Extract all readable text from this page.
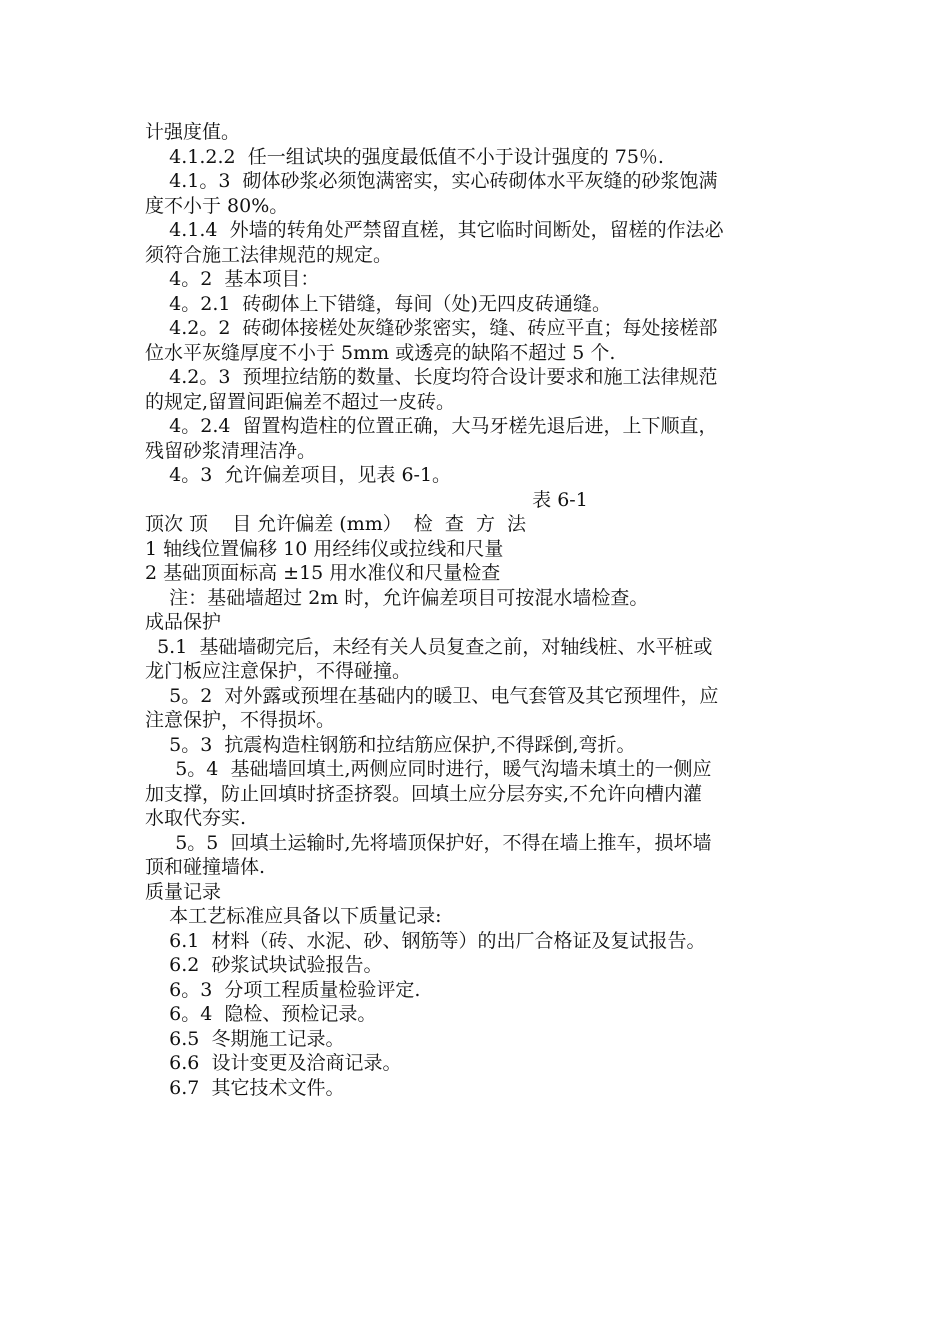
计强度值。
4.1.2.2  任一组试块的强度最低值不小于设计强度的 75％.
4.1。3  砌体砂浆必须饱满密实，实心砖砌体水平灰缝的砂浆饱满
度不小于 80%。
4.1.4  外墙的转角处严禁留直槎，其它临时间断处，留槎的作法必
须符合施工法律规范的规定。
4。2  基本项目：
4。2.1  砖砌体上下错缝，每间（处)无四皮砖通缝。
4.2。2  砖砌体接槎处灰缝砂浆密实，缝、砖应平直；每处接槎部
位水平灰缝厚度不小于 5mm 或透亮的缺陷不超过 5 个.
4.2。3  预埋拉结筋的数量、长度均符合设计要求和施工法律规范
的规定,留置间距偏差不超过一皮砖。
4。2.4  留置构造柱的位置正确，大马牙槎先退后进，上下顺直，
残留砂浆清理洁净。
4。3  允许偏差项目，见表 6-1。
表 6-1
顶次 顶    目 允许偏差 (mm）  检  查  方  法
1 轴线位置偏移 10 用经纬仪或拉线和尺量
2 基础顶面标高 ±15 用水准仪和尺量检查
注：基础墙超过 2m 时，允许偏差项目可按混水墙检查。
成品保护
5.1  基础墙砌完后，未经有关人员复查之前，对轴线桩、水平桩或
龙门板应注意保护，不得碰撞。
5。2  对外露或预埋在基础内的暖卫、电气套管及其它预埋件，应
注意保护，不得损坏。
5。3  抗震构造柱钢筋和拉结筋应保护,不得踩倒,弯折。
5。4  基础墙回填土,两侧应同时进行，暖气沟墙未填土的一侧应
加支撑，防止回填时挤歪挤裂。回填土应分层夯实,不允许向槽内灌
水取代夯实.
5。5  回填土运输时,先将墙顶保护好，不得在墙上推车，损坏墙
顶和碰撞墙体.
质量记录
本工艺标准应具备以下质量记录:
6.1  材料（砖、水泥、砂、钢筋等）的出厂合格证及复试报告。
6.2  砂浆试块试验报告。
6。3  分项工程质量检验评定.
6。4  隐检、预检记录。
6.5  冬期施工记录。
6.6  设计变更及洽商记录。
6.7  其它技术文件。
